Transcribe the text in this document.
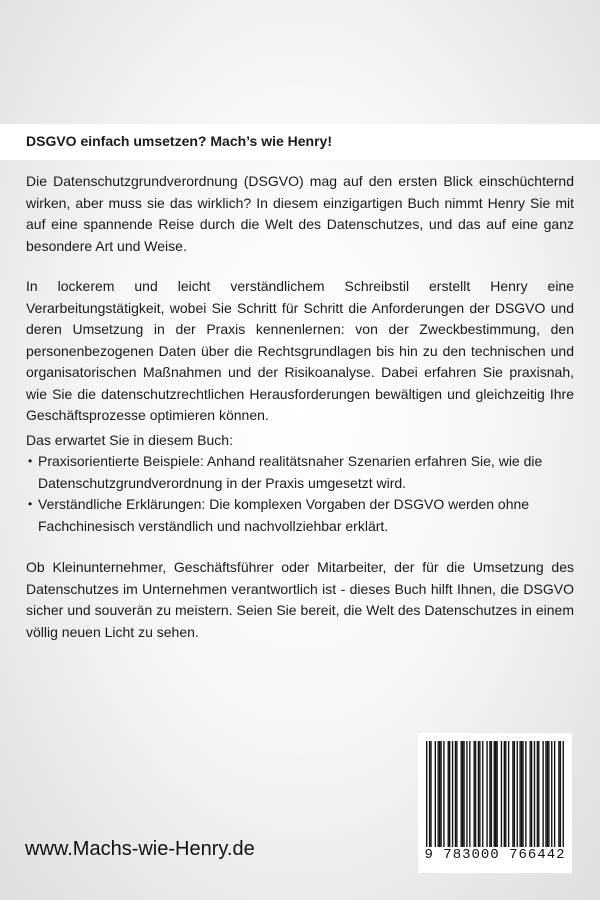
DSGVO einfach umsetzen? Mach’s wie Henry!
Die Datenschutzgrundverordnung (DSGVO) mag auf den ersten Blick einschüchternd wirken, aber muss sie das wirklich? In diesem einzigartigen Buch nimmt Henry Sie mit auf eine spannende Reise durch die Welt des Datenschutzes, und das auf eine ganz besondere Art und Weise.
In lockerem und leicht verständlichem Schreibstil erstellt Henry eine Verarbeitungstätigkeit, wobei Sie Schritt für Schritt die Anforderungen der DSGVO und deren Umsetzung in der Praxis kennenlernen: von der Zweckbestimmung, den personenbezogenen Daten über die Rechtsgrundlagen bis hin zu den technischen und organisatorischen Maßnahmen und der Risikoanalyse. Dabei erfahren Sie praxisnah, wie Sie die datenschutzrechtlichen Herausforderungen bewältigen und gleichzeitig Ihre Geschäftsprozesse optimieren können.
Das erwartet Sie in diesem Buch:
• Praxisorientierte Beispiele: Anhand realitätsnaher Szenarien erfahren Sie, wie die Datenschutzgrundverordnung in der Praxis umgesetzt wird.
• Verständliche Erklärungen: Die komplexen Vorgaben der DSGVO werden ohne Fachchinesisch verständlich und nachvollziehbar erklärt.
Ob Kleinunternehmer, Geschäftsführer oder Mitarbeiter, der für die Umsetzung des Datenschutzes im Unternehmen verantwortlich ist - dieses Buch hilft Ihnen, die DSGVO sicher und souverän zu meistern. Seien Sie bereit, die Welt des Datenschutzes in einem völlig neuen Licht zu sehen.
www.Machs-wie-Henry.de	9 783000 766442
